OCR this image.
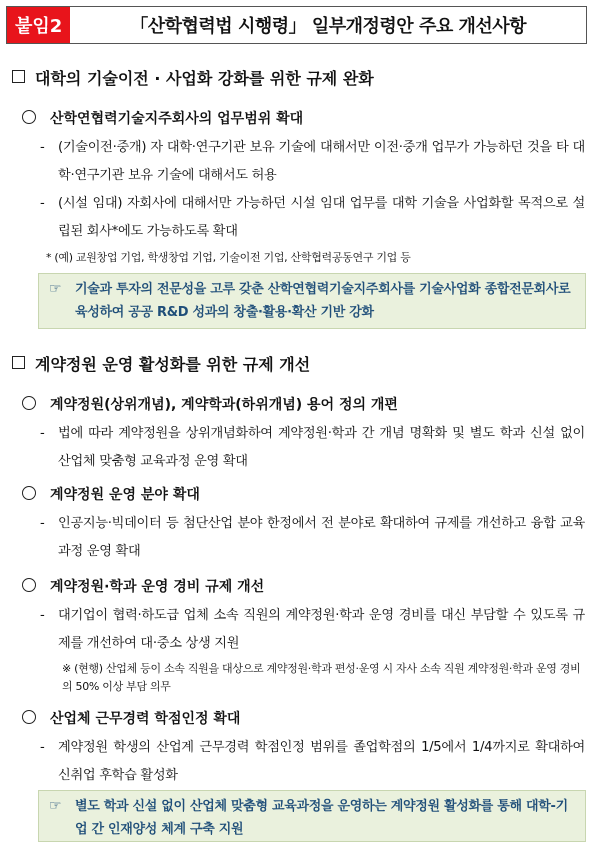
붙임2	「산학협력법 시행령」 일부개정령안 주요 개선사항
대학의 기술이전 · 사업화 강화를 위한 규제 완화
산학연협력기술지주회사의 업무범위 확대
- (기술이전·중개) 자 대학·연구기관 보유 기술에 대해서만 이전·중개 업무가 가능하던 것을 타 대학·연구기관 보유 기술에 대해서도 허용
- (시설 임대) 자회사에 대해서만 가능하던 시설 임대 업무를 대학 기술을 사업화할 목적으로 설립된 회사*에도 가능하도록 확대
* (예) 교원창업 기업, 학생창업 기업, 기술이전 기업, 산학협력공동연구 기업 등
☞ 기술과 투자의 전문성을 고루 갖춘 산학연협력기술지주회사를 기술사업화 종합전문회사로 육성하여 공공 R&D 성과의 창출·활용·확산 기반 강화
계약정원 운영 활성화를 위한 규제 개선
계약정원(상위개념), 계약학과(하위개념) 용어 정의 개편
- 법에 따라 계약정원을 상위개념화하여 계약정원·학과 간 개념 명확화 및 별도 학과 신설 없이 산업체 맞춤형 교육과정 운영 확대
계약정원 운영 분야 확대
- 인공지능·빅데이터 등 첨단산업 분야 한정에서 전 분야로 확대하여 규제를 개선하고 융합 교육과정 운영 확대
계약정원·학과 운영 경비 규제 개선
- 대기업이 협력·하도급 업체 소속 직원의 계약정원·학과 운영 경비를 대신 부담할 수 있도록 규제를 개선하여 대·중소 상생 지원
※ (현행) 산업체 등이 소속 직원을 대상으로 계약정원·학과 편성·운영 시 자사 소속 직원 계약정원·학과 운영 경비의 50% 이상 부담 의무
산업체 근무경력 학점인정 확대
- 계약정원 학생의 산업계 근무경력 학점인정 범위를 졸업학점의 1/5에서 1/4까지로 확대하여 신취업 후학습 활성화
☞ 별도 학과 신설 없이 산업체 맞춤형 교육과정을 운영하는 계약정원 활성화를 통해 대학-기업 간 인재양성 체계 구축 지원
